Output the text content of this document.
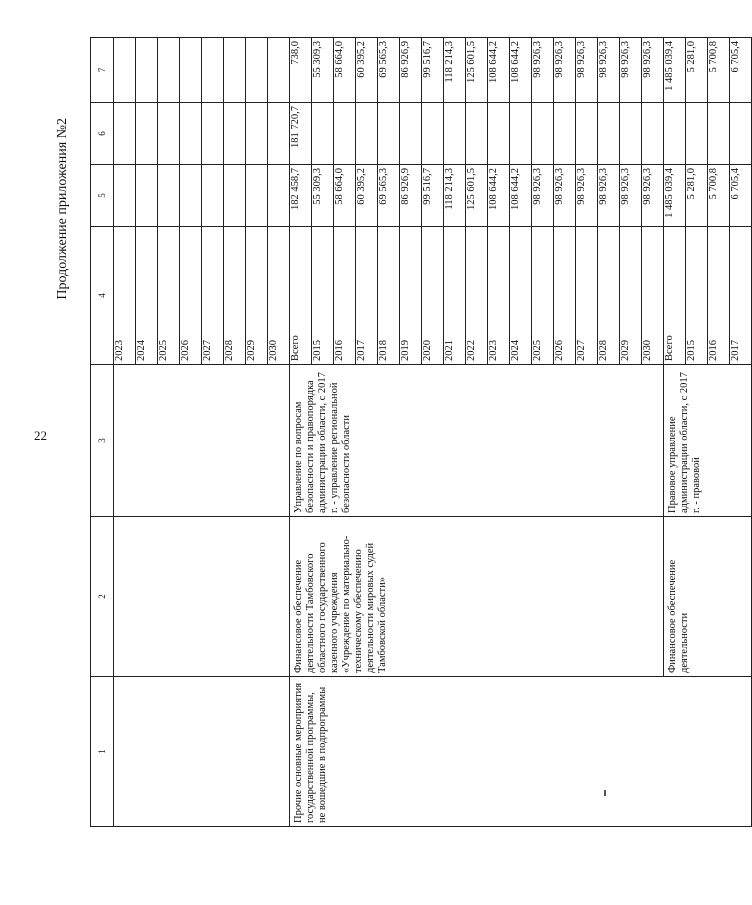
22
Продолжение приложения №2
1	2	3	4	5	6	7	
			2023				
			2024				
			2025				
			2026				
			2027				
			2028				
			2029				
			2030				
Прочие основные мероприятия государственной программы, не вошедшие в подпрограммы	Финансовое обеспечение деятельности Тамбовского областного государственного казенного учреждения «Учреждение по материально-техническому обеспечению деятельности мировых судей Тамбовской области»	Управление по вопросам безопасности и правопорядка администрации области, с 2017 г. - управление региональной безопасности области	Всего	182 458,7	181 720,7	738,0	
			2015	55 309,3		55 309,3	
			2016	58 664,0		58 664,0	
			2017	60 395,2		60 395,2	
			2018	69 565,3		69 565,3	
			2019	86 926,9		86 926,9	
			2020	99 516,7		99 516,7	
			2021	118 214,3		118 214,3	
			2022	125 601,5		125 601,5	
			2023	108 644,2		108 644,2	
			2024	108 644,2		108 644,2	
			2025	98 926,3		98 926,3	
			2026	98 926,3		98 926,3	
			2027	98 926,3		98 926,3	
			2028	98 926,3		98 926,3	
			2029	98 926,3		98 926,3	
			2030	98 926,3		98 926,3	
	Финансовое обеспечение деятельности	Правовое управление администрации области, с 2017 г. - правовой	Всего	1 485 039,4		1 485 039,4	
			2015	5 281,0		5 281,0	
			2016	5 700,8		5 700,8	
			2017	6 705,4		6 705,4	
